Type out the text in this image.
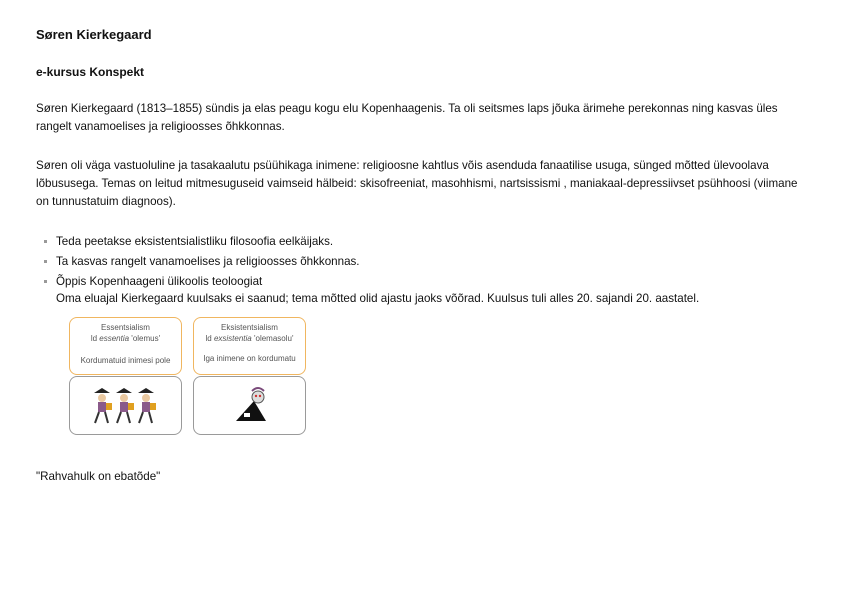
Søren Kierkegaard
e-kursus Konspekt
Søren Kierkegaard (1813–1855) sündis ja elas peagu kogu elu Kopenhaagenis. Ta oli seitsmes laps jõuka ärimehe perekonnas ning kasvas üles rangelt vanamoelises ja religioosses õhkkonnas.
Søren oli väga vastuoluline ja tasakaalutu psüühikaga inimene: religioosne kahtlus võis asenduda fanaatilise usuga, sünged mõtted ülevoolava lõbususega. Temas on leitud mitmesuguseid vaimseid hälbeid: skisofreeniat, masohhismi, nartsissismi , maniakaal-depressiivset psühhoosi (viimane on tunnustatuim diagnoos).
Teda peetakse eksistentsialistliku filosoofia eelkäijaks.
Ta kasvas rangelt vanamoelises ja religioosses õhkkonnas.
Õppis Kopenhaageni ülikoolis teoloogiat
Oma eluajal Kierkegaard kuulsaks ei saanud; tema mõtted olid ajastu jaoks võõrad. Kuulsus tuli alles 20. sajandi 20. aastatel.
Essentsialism
ld essentia 'olemus'
Kordumatuid inimesi pole
Eksistentsialism
ld exsistentia 'olemasolu'
Iga inimene on kordumatu
"Rahvahulk on ebatõde"
